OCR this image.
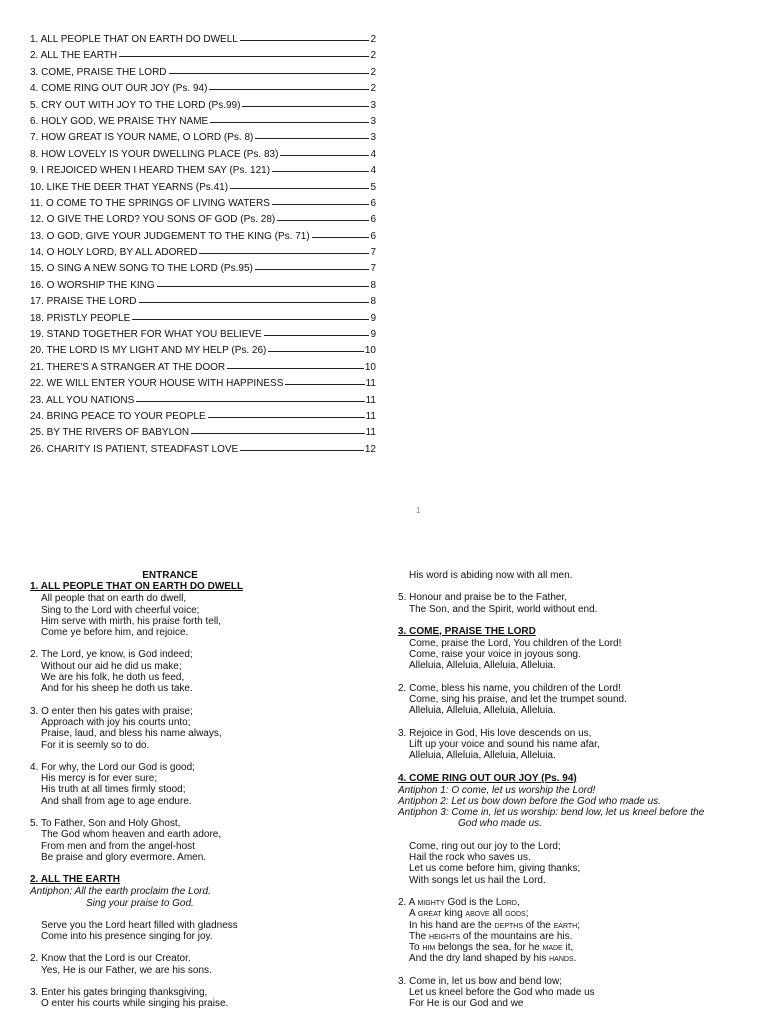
1. ALL PEOPLE THAT ON EARTH DO DWELL	2
2. ALL THE EARTH	2
3. COME, PRAISE THE LORD	2
4. COME RING OUT OUR JOY (Ps. 94)	2
5. CRY OUT WITH JOY TO THE LORD (Ps.99)	3
6. HOLY GOD, WE PRAISE THY NAME	3
7. HOW GREAT IS YOUR NAME, O LORD (Ps. 8)	3
8. HOW LOVELY IS YOUR DWELLING PLACE (Ps. 83)	4
9. I REJOICED WHEN I HEARD THEM SAY (Ps. 121)	4
10. LIKE THE DEER THAT YEARNS (Ps.41)	5
11. O COME TO THE SPRINGS OF LIVING WATERS	6
12. O GIVE THE LORD? YOU SONS OF GOD (Ps. 28)	6
13. O GOD, GIVE YOUR JUDGEMENT TO THE KING (Ps. 71)	6
14. O HOLY LORD, BY ALL ADORED	7
15. O SING A NEW SONG TO THE LORD (Ps.95)	7
16. O WORSHIP THE KING	8
17. PRAISE THE LORD	8
18. PRISTLY PEOPLE	9
19. STAND TOGETHER FOR WHAT YOU BELIEVE	9
20. THE LORD IS MY LIGHT AND MY HELP (Ps. 26)	10
21. THERE'S A STRANGER AT THE DOOR	10
22. WE WILL ENTER YOUR HOUSE WITH HAPPINESS	11
23. ALL YOU NATIONS	11
24. BRING PEACE TO YOUR PEOPLE	11
25. BY THE RIVERS OF BABYLON	11
26. CHARITY IS PATIENT, STEADFAST LOVE	12
1
ENTRANCE
1. ALL PEOPLE THAT ON EARTH DO DWELL
All people that on earth do dwell,
Sing to the Lord with cheerful voice;
Him serve with mirth, his praise forth tell,
Come ye before him, and rejoice.
2. The Lord, ye know, is God indeed;
Without our aid he did us make;
We are his folk, he doth us feed,
And for his sheep he doth us take.
3. O enter then his gates with praise;
Approach with joy his courts unto;
Praise, laud, and bless his name always,
For it is seemly so to do.
4. For why, the Lord our God is good;
His mercy is for ever sure;
His truth at all times firmly stood;
And shall from age to age endure.
5. To Father, Son and Holy Ghost,
The God whom heaven and earth adore,
From men and from the angel-host
Be praise and glory evermore. Amen.
2. ALL THE EARTH
Antiphon: All the earth proclaim the Lord.
Sing your praise to God.
Serve you the Lord heart filled with gladness
Come into his presence singing for joy.
2. Know that the Lord is our Creator.
Yes, He is our Father, we are his sons.
3. Enter his gates bringing thanksgiving,
O enter his courts while singing his praise.
His word is abiding now with all men.
5. Honour and praise be to the Father,
The Son, and the Spirit, world without end.
3. COME, PRAISE THE LORD
Come, praise the Lord, You children of the Lord!
Come, raise your voice in joyous song.
Alleluia, Alleluia, Alleluia, Alleluia.
2. Come, bless his name, you children of the Lord!
Come, sing his praise, and let the trumpet sound.
Alleluia, Alleluia, Alleluia, Alleluia.
3. Rejoice in God, His love descends on us,
Lift up your voice and sound his name afar,
Alleluia, Alleluia, Alleluia, Alleluia.
4. COME RING OUT OUR JOY (Ps. 94)
Antiphon 1: O come, let us worship the Lord!
Antiphon 2: Let us bow down before the God who made us.
Antiphon 3: Come in, let us worship: bend low, let us kneel before the
God who made us.
Come, ring out our joy to the Lord;
Hail the rock who saves us.
Let us come before him, giving thanks;
With songs let us hail the Lord.
2. A mighty God is the Lord,
A great king above all gods;
In his hand are the depths of the earth;
The heights of the mountains are his.
To him belongs the sea, for he made it,
And the dry land shaped by his hands.
3. Come in, let us bow and bend low;
Let us kneel before the God who made us
For He is our God and we
